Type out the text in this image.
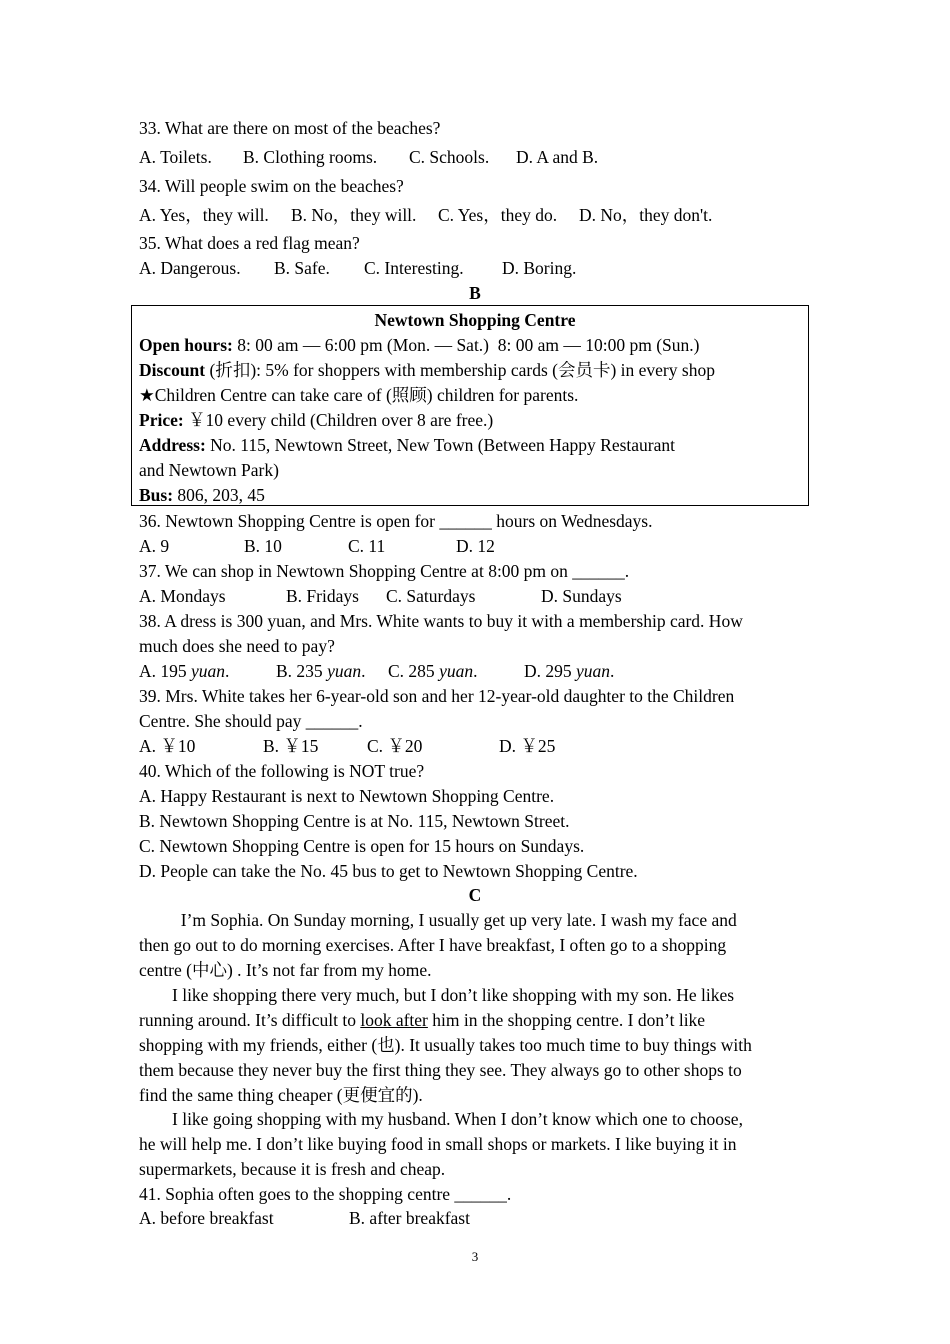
33. What are there on most of the beaches?
A. Toilets. B. Clothing rooms. C. Schools. D. A and B.
34. Will people swim on the beaches?
A. Yes，they will. B. No，they will. C. Yes，they do. D. No，they don't.
35. What does a red flag mean?
A. Dangerous. B. Safe. C. Interesting. D. Boring.
B
Newtown Shopping Centre
Open hours: 8: 00 am — 6:00 pm (Mon. — Sat.)  8: 00 am — 10:00 pm (Sun.)
Discount (折扣): 5% for shoppers with membership cards (会员卡) in every shop
★Children Centre can take care of (照顾) children for parents.
Price: ￥10 every child (Children over 8 are free.)
Address: No. 115, Newtown Street, New Town (Between Happy Restaurant
and Newtown Park)
Bus: 806, 203, 45
36. Newtown Shopping Centre is open for ______ hours on Wednesdays.
A. 9	B. 10	C. 11	D. 12
37. We can shop in Newtown Shopping Centre at 8:00 pm on ______.
A. Mondays	B. Fridays C. Saturdays	D. Sundays
38. A dress is 300 yuan, and Mrs. White wants to buy it with a membership card. How
much does she need to pay?
A. 195 yuan.	B. 235 yuan. C. 285 yuan.	D. 295 yuan.
39. Mrs. White takes her 6-year-old son and her 12-year-old daughter to the Children
Centre. She should pay ______.
A. ￥10	B. ￥15	C. ￥20	D. ￥25
40. Which of the following is NOT true?
A. Happy Restaurant is next to Newtown Shopping Centre.
B. Newtown Shopping Centre is at No. 115, Newtown Street.
C. Newtown Shopping Centre is open for 15 hours on Sundays.
D. People can take the No. 45 bus to get to Newtown Shopping Centre.
C
I’m Sophia. On Sunday morning, I usually get up very late. I wash my face and
then go out to do morning exercises. After I have breakfast, I often go to a shopping
centre (中心) . It’s not far from my home.
I like shopping there very much, but I don’t like shopping with my son. He likes
running around. It’s difficult to look after him in the shopping centre. I don’t like
shopping with my friends, either (也). It usually takes too much time to buy things with
them because they never buy the first thing they see. They always go to other shops to
find the same thing cheaper (更便宜的).
I like going shopping with my husband. When I don’t know which one to choose,
he will help me. I don’t like buying food in small shops or markets. I like buying it in
supermarkets, because it is fresh and cheap.
41. Sophia often goes to the shopping centre ______.
A. before breakfast	B. after breakfast
3
